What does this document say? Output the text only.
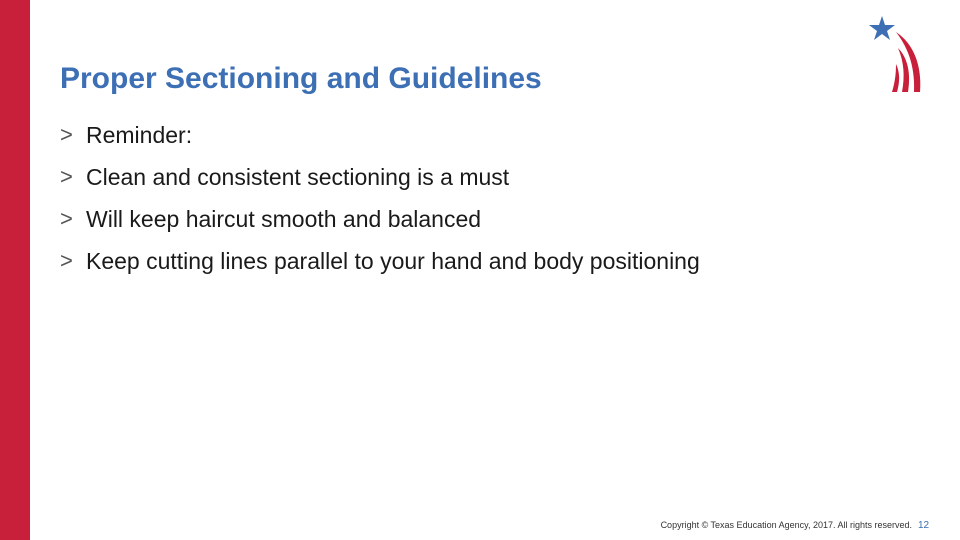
Proper Sectioning and Guidelines
> Reminder:
> Clean and consistent sectioning is a must
> Will keep haircut smooth and balanced
> Keep cutting lines parallel to your hand and body positioning
Copyright © Texas Education Agency, 2017. All rights reserved. 12
